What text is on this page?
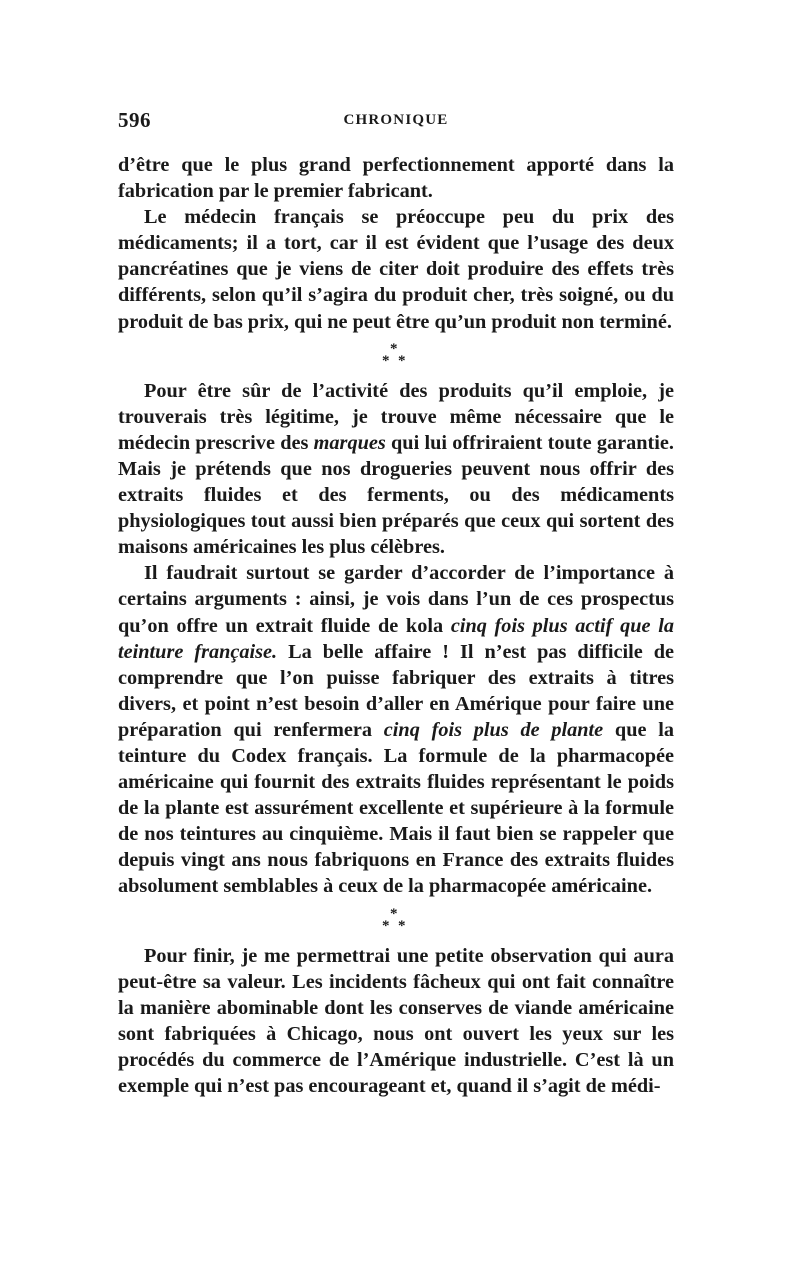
596	CHRONIQUE

d’être que le plus grand perfectionnement apporté dans la fabrication par le premier fabricant.

Le médecin français se préoccupe peu du prix des médicaments; il a tort, car il est évident que l’usage des deux pancréatines que je viens de citer doit produire des effets très différents, selon qu’il s’agira du produit cher, très soigné, ou du produit de bas prix, qui ne peut être qu’un produit non terminé.

*
* *

Pour être sûr de l’activité des produits qu’il emploie, je trouverais très légitime, je trouve même nécessaire que le médecin prescrive des marques qui lui offriraient toute garantie. Mais je prétends que nos drogueries peuvent nous offrir des extraits fluides et des ferments, ou des médicaments physiologiques tout aussi bien préparés que ceux qui sortent des maisons américaines les plus célèbres.

Il faudrait surtout se garder d’accorder de l’importance à certains arguments : ainsi, je vois dans l’un de ces prospectus qu’on offre un extrait fluide de kola cinq fois plus actif que la teinture française. La belle affaire ! Il n’est pas difficile de comprendre que l’on puisse fabriquer des extraits à titres divers, et point n’est besoin d’aller en Amérique pour faire une préparation qui renfermera cinq fois plus de plante que la teinture du Codex français. La formule de la pharmacopée américaine qui fournit des extraits fluides représentant le poids de la plante est assurément excellente et supérieure à la formule de nos teintures au cinquième. Mais il faut bien se rappeler que depuis vingt ans nous fabriquons en France des extraits fluides absolument semblables à ceux de la pharmacopée américaine.

*
* *

Pour finir, je me permettrai une petite observation qui aura peut-être sa valeur. Les incidents fâcheux qui ont fait connaître la manière abominable dont les conserves de viande américaine sont fabriquées à Chicago, nous ont ouvert les yeux sur les procédés du commerce de l’Amérique industrielle. C’est là un exemple qui n’est pas encourageant et, quand il s’agit de médi-
